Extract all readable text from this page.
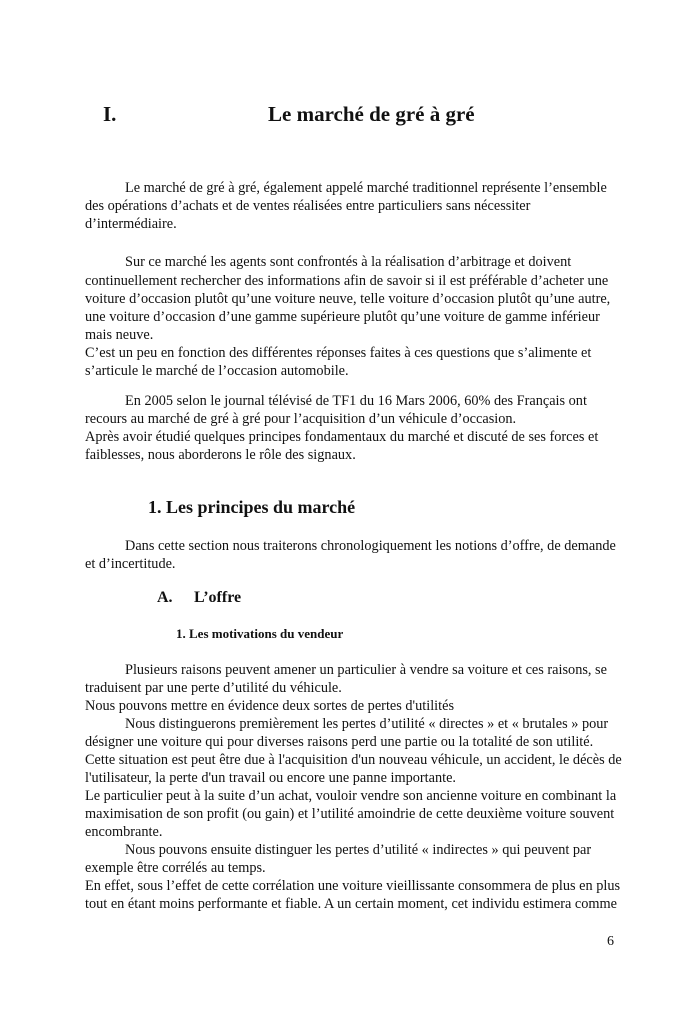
I.	Le marché de gré à gré
Le marché de gré à gré, également appelé marché traditionnel représente l’ensemble
des opérations d’achats et de ventes réalisées entre particuliers sans nécessiter
d’intermédiaire.
Sur ce marché les agents sont confrontés à la réalisation d’arbitrage et doivent
continuellement rechercher des informations afin de savoir si il est préférable d’acheter une
voiture d’occasion plutôt qu’une voiture neuve, telle voiture d’occasion plutôt qu’une autre,
une voiture d’occasion d’une gamme supérieure plutôt qu’une voiture de gamme inférieur
mais neuve.
C’est un peu en fonction des différentes réponses faites à ces questions que s’alimente et
s’articule le marché de l’occasion automobile.
En 2005 selon le journal télévisé de TF1 du 16 Mars 2006, 60% des Français ont
recours au marché de gré à gré pour l’acquisition d’un véhicule d’occasion.
Après avoir étudié quelques principes fondamentaux du marché et discuté de ses forces et
faiblesses, nous aborderons le rôle des signaux.
1. Les principes du marché
Dans cette section nous traiterons chronologiquement les notions d’offre, de demande
et d’incertitude.
A. L’offre
1. Les motivations du vendeur
Plusieurs raisons peuvent amener un particulier à vendre sa voiture et ces raisons, se
traduisent par une perte d’utilité du véhicule.
Nous pouvons mettre en évidence deux sortes de pertes d'utilités
Nous distinguerons premièrement les pertes d’utilité « directes » et « brutales » pour
désigner une voiture qui pour diverses raisons perd une partie ou la totalité de son utilité.
Cette situation est peut être due à l'acquisition d'un nouveau véhicule, un accident, le décès de
l'utilisateur, la perte d'un travail ou encore une panne importante.
Le particulier peut à la suite d’un achat, vouloir vendre son ancienne voiture en combinant la
maximisation de son profit (ou gain) et l’utilité amoindrie de cette deuxième voiture souvent
encombrante.
Nous pouvons ensuite distinguer les pertes d’utilité « indirectes » qui peuvent par
exemple être corrélés au temps.
En effet, sous l’effet de cette corrélation une voiture vieillissante consommera de plus en plus
tout en étant moins performante et fiable. A un certain moment, cet individu estimera comme
6
